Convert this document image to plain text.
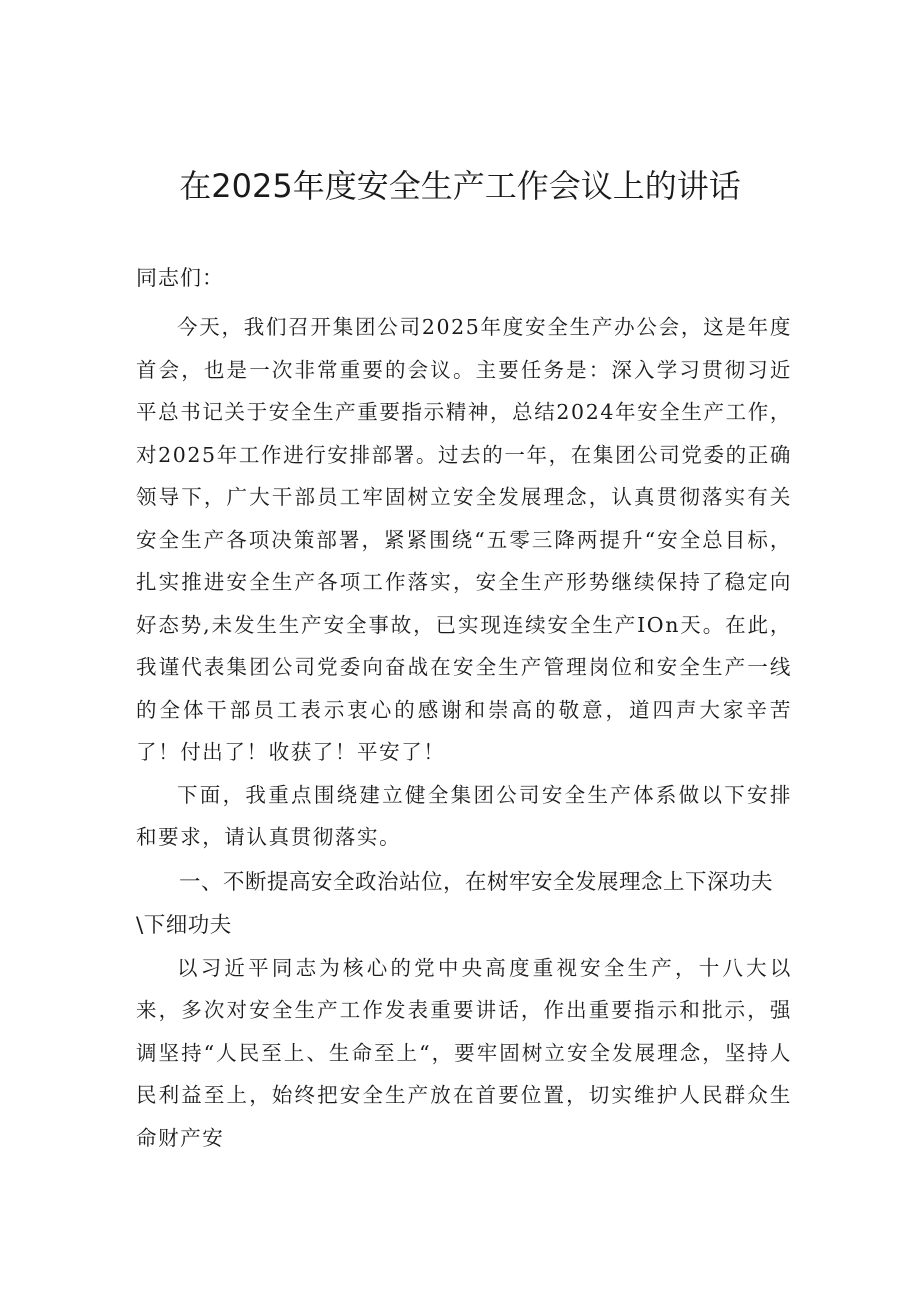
在2025年度安全生产工作会议上的讲话

同志们：

今天，我们召开集团公司2025年度安全生产办公会，这是年度首会，也是一次非常重要的会议。主要任务是：深入学习贯彻习近平总书记关于安全生产重要指示精神，总结2024年安全生产工作，对2025年工作进行安排部署。过去的一年，在集团公司党委的正确领导下，广大干部员工牢固树立安全发展理念，认真贯彻落实有关安全生产各项决策部署，紧紧围绕“五零三降两提升“安全总目标，扎实推进安全生产各项工作落实，安全生产形势继续保持了稳定向好态势,未发生生产安全事故，已实现连续安全生产IOn天。在此，我谨代表集团公司党委向奋战在安全生产管理岗位和安全生产一线的全体干部员工表示衷心的感谢和崇高的敬意，道四声大家辛苦了！付出了！收获了！平安了！

下面，我重点围绕建立健全集团公司安全生产体系做以下安排和要求，请认真贯彻落实。

一、不断提高安全政治站位，在树牢安全发展理念上下深功夫\下细功夫

以习近平同志为核心的党中央高度重视安全生产，十八大以来，多次对安全生产工作发表重要讲话，作出重要指示和批示，强调坚持“人民至上、生命至上“，要牢固树立安全发展理念，坚持人民利益至上，始终把安全生产放在首要位置，切实维护人民群众生命财产安
